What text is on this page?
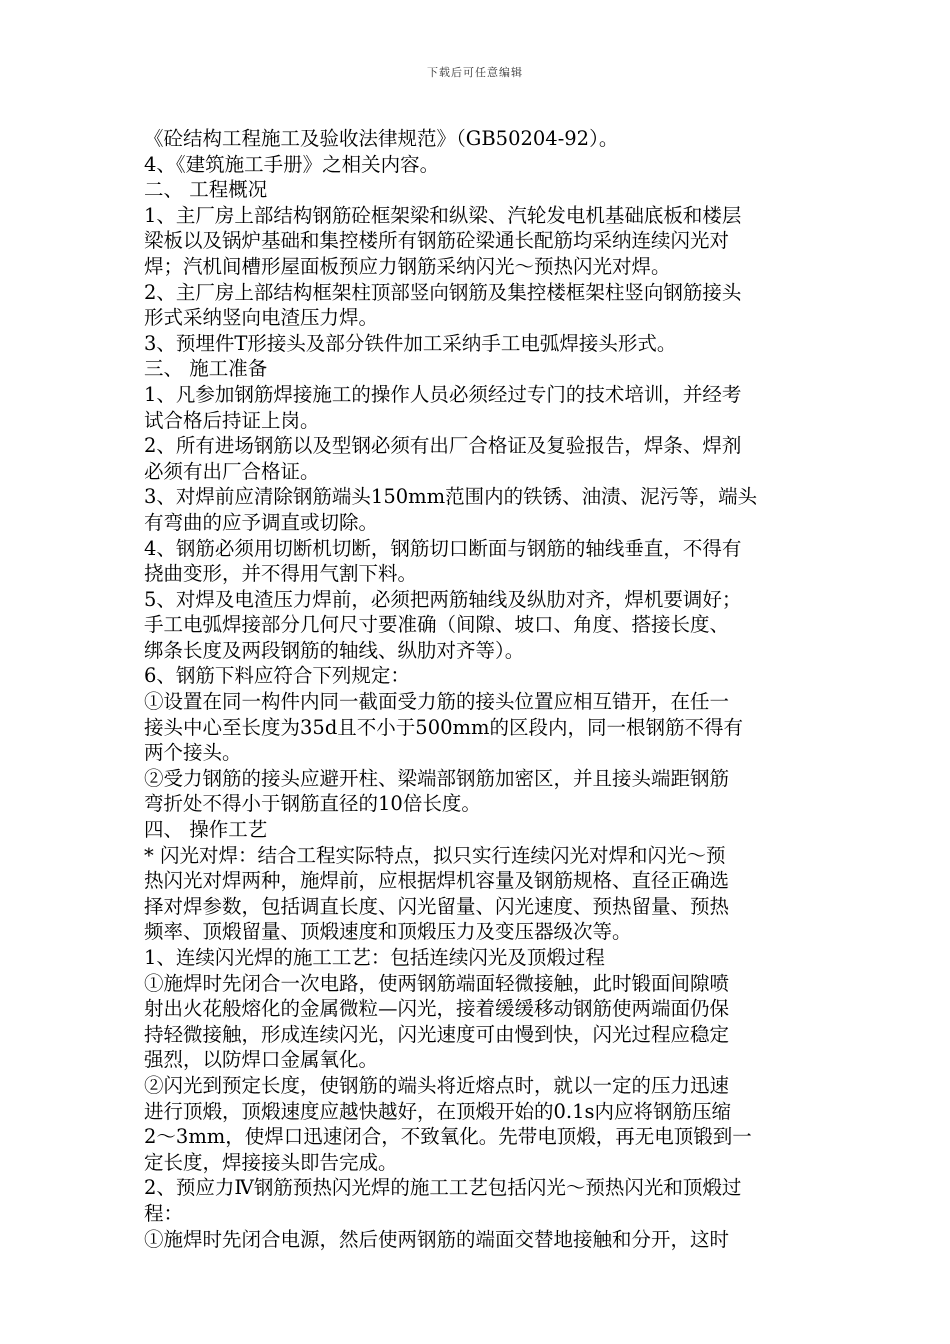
下载后可任意编辑
《砼结构工程施工及验收法律规范》（GB50204-92）。
4、《建筑施工手册》之相关内容。
二、 工程概况
1、主厂房上部结构钢筋砼框架梁和纵梁、汽轮发电机基础底板和楼层
梁板以及锅炉基础和集控楼所有钢筋砼梁通长配筋均采纳连续闪光对
焊；汽机间槽形屋面板预应力钢筋采纳闪光～预热闪光对焊。
2、主厂房上部结构框架柱顶部竖向钢筋及集控楼框架柱竖向钢筋接头
形式采纳竖向电渣压力焊。
3、预埋件T形接头及部分铁件加工采纳手工电弧焊接头形式。
三、 施工准备
1、凡参加钢筋焊接施工的操作人员必须经过专门的技术培训，并经考
试合格后持证上岗。
2、所有进场钢筋以及型钢必须有出厂合格证及复验报告，焊条、焊剂
必须有出厂合格证。
3、对焊前应清除钢筋端头150mm范围内的铁锈、油渍、泥污等，端头
有弯曲的应予调直或切除。
4、钢筋必须用切断机切断，钢筋切口断面与钢筋的轴线垂直，不得有
挠曲变形，并不得用气割下料。
5、对焊及电渣压力焊前，必须把两筋轴线及纵肋对齐，焊机要调好；
手工电弧焊接部分几何尺寸要准确（间隙、坡口、角度、搭接长度、
绑条长度及两段钢筋的轴线、纵肋对齐等）。
6、钢筋下料应符合下列规定：
①设置在同一构件内同一截面受力筋的接头位置应相互错开，在任一
接头中心至长度为35d且不小于500mm的区段内，同一根钢筋不得有
两个接头。
②受力钢筋的接头应避开柱、梁端部钢筋加密区，并且接头端距钢筋
弯折处不得小于钢筋直径的10倍长度。
四、 操作工艺
* 闪光对焊：结合工程实际特点，拟只实行连续闪光对焊和闪光～预
热闪光对焊两种，施焊前，应根据焊机容量及钢筋规格、直径正确选
择对焊参数，包括调直长度、闪光留量、闪光速度、预热留量、预热
频率、顶煅留量、顶煅速度和顶煅压力及变压器级次等。
1、连续闪光焊的施工工艺：包括连续闪光及顶煅过程
①施焊时先闭合一次电路，使两钢筋端面轻微接触，此时锻面间隙喷
射出火花般熔化的金属微粒—闪光，接着缓缓移动钢筋使两端面仍保
持轻微接触，形成连续闪光，闪光速度可由慢到快，闪光过程应稳定
强烈，以防焊口金属氧化。
②闪光到预定长度，使钢筋的端头将近熔点时，就以一定的压力迅速
进行顶煅，顶煅速度应越快越好，在顶煅开始的0.1s内应将钢筋压缩
2～3mm，使焊口迅速闭合，不致氧化。先带电顶煅，再无电顶锻到一
定长度，焊接接头即告完成。
2、预应力Ⅳ钢筋预热闪光焊的施工工艺包括闪光～预热闪光和顶煅过
程：
①施焊时先闭合电源，然后使两钢筋的端面交替地接触和分开，这时
